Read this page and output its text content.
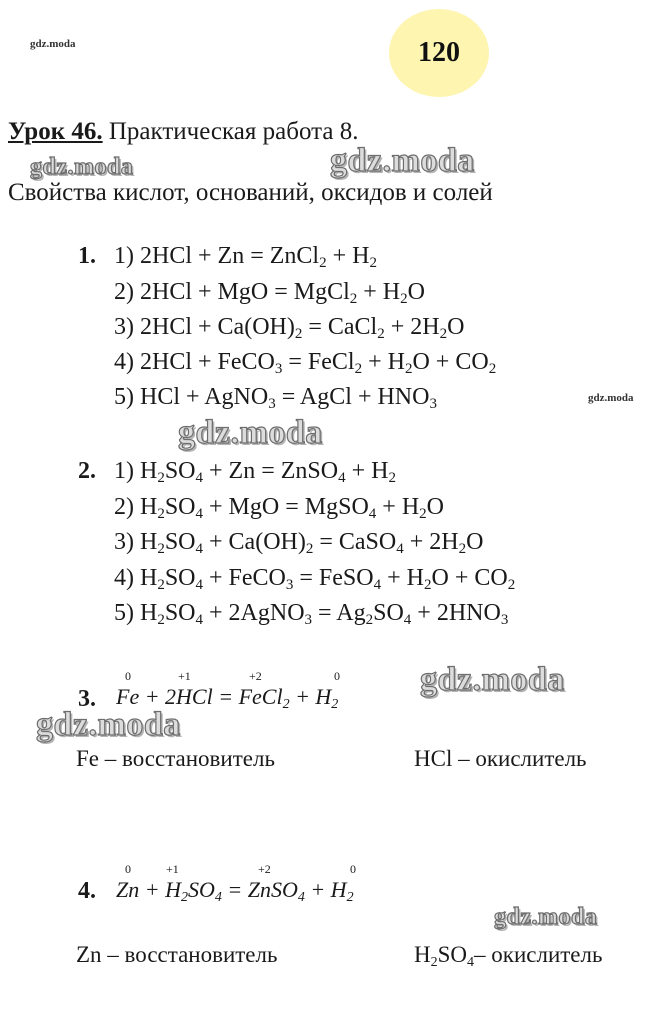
gdz.moda
gdz.moda	gdz.moda
gdz.moda
gdz.moda
gdz.moda
gdz.moda
gdz.moda
120
Урок 46. Практическая работа 8.
Свойства кислот, оснований, оксидов и солей
1. 1) 2HCl + Zn = ZnCl$_2$ + $H_2$
2) 2HCl + MgO = MgCl$_2$ + $H_2O$
3) $2HCl + Ca(OH)_2$ = CaCl$_2$ + $2H_2O$
4) 2HCl + FeCO$_3$ = FeCl$_2$ + $H_2O + CO_2$
5) HCl + AgNO$_3$ = AgCl + $HNO_3$
2. 1) $H_2SO_4 + Zn$ = ZnSO$_4$ + $H_2$
2) $H_2SO_4$ + MgO = MgSO$_4$ + $H_2O$
3) $H_2SO_4 + Ca(OH)_2$ = CaSO$_4$ + $2H_2O$
4) $H_2SO_4$ + FeCO$_3$ = FeSO$_4$ + $H_2O + CO_2$
5) $H_2SO_4$ + 2AgNO$_3$ = $Ag_2SO_4 + 2HNO_3$
3.
0	+1	+2	0
Fe + 2HCl = FeCl$_2$ + $H_2$
Fe – восстановитель	HCl – окислитель
4.
0	+1	+2	0
$Zn + H_2SO_4$ = ZnSO$_4$ + $H_2$
Zn – восстановитель	$H_2SO_4-$ окислитель
